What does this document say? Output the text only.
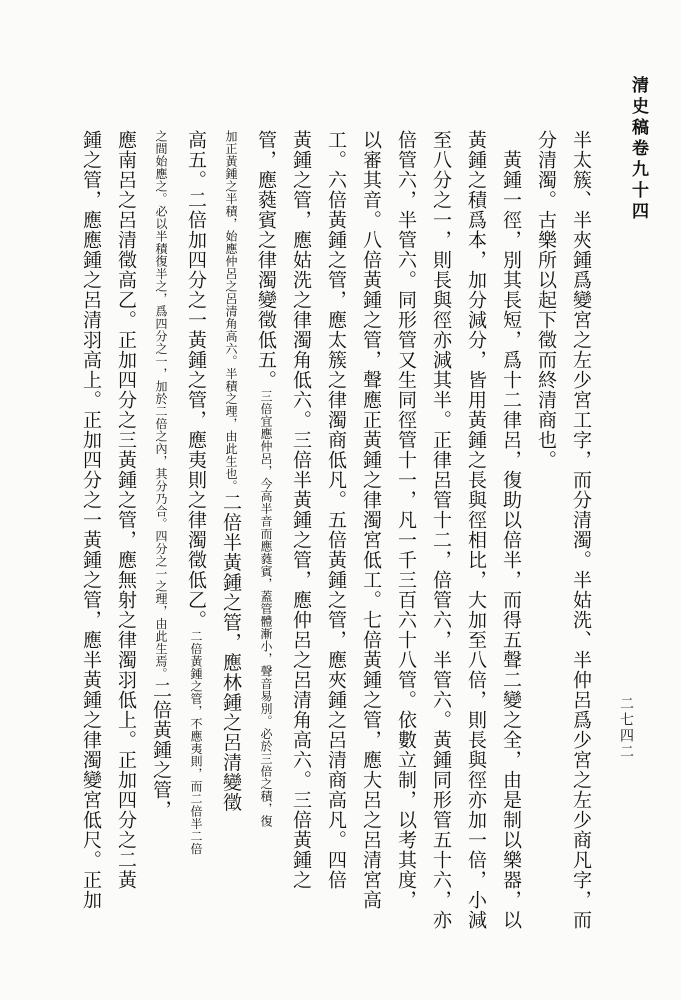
清史稿卷九十四
二七四二
半太簇、半夾鍾爲變宮之左少宮工字，而分清濁。半姑洗、半仲呂爲少宮之左少商凡字，而
分清濁。古樂所以起下徵而終清商也。
　黃鍾一徑，別其長短，爲十二律呂，復助以倍半，而得五聲二變之全，由是制以樂器，以
黃鍾之積爲本，加分減分，皆用黃鍾之長與徑相比，大加至八倍，則長與徑亦加一倍，小減
至八分之一，則長與徑亦減其半。正律呂管十二，倍管六，半管六。黃鍾同形管五十六，亦
倍管六，半管六。同形管又生同徑管十一，凡一千三百六十八管。依數立制，以考其度，
以審其音。八倍黃鍾之管，聲應正黃鍾之律濁宮低工。七倍黃鍾之管，應大呂之呂清宮高
工。六倍黃鍾之管，應太簇之律濁商低凡。五倍黃鍾之管，應夾鍾之呂清商高凡。四倍
黃鍾之管，應姑洗之律濁角低六。三倍半黃鍾之管，應仲呂之呂清角高六。三倍黃鍾之
管，應蕤賓之律濁變徵低五。三倍宜應仲呂，今高半音而應蕤賓，蓋管體漸小，聲音易別。必於三倍之積，復
加正黃鍾之半積，始應仲呂之呂清角高六。半積之理，由此生也。二倍半黃鍾之管，應林鍾之呂清變徵
高五。二倍加四分之一黃鍾之管，應夷則之律濁徵低乙。二倍黃鍾之管，不應夷則，而二倍半二倍
之間始應之。必以半積復半之，爲四分之一，加於二倍之內，其分乃合。四分之一之理，由此生焉。二倍黃鍾之管，
應南呂之呂清徵高乙。正加四分之三黃鍾之管，應無射之律濁羽低上。正加四分之二黃
鍾之管，應應鍾之呂清羽高上。正加四分之一黃鍾之管，應半黃鍾之律濁變宮低尺。正加
